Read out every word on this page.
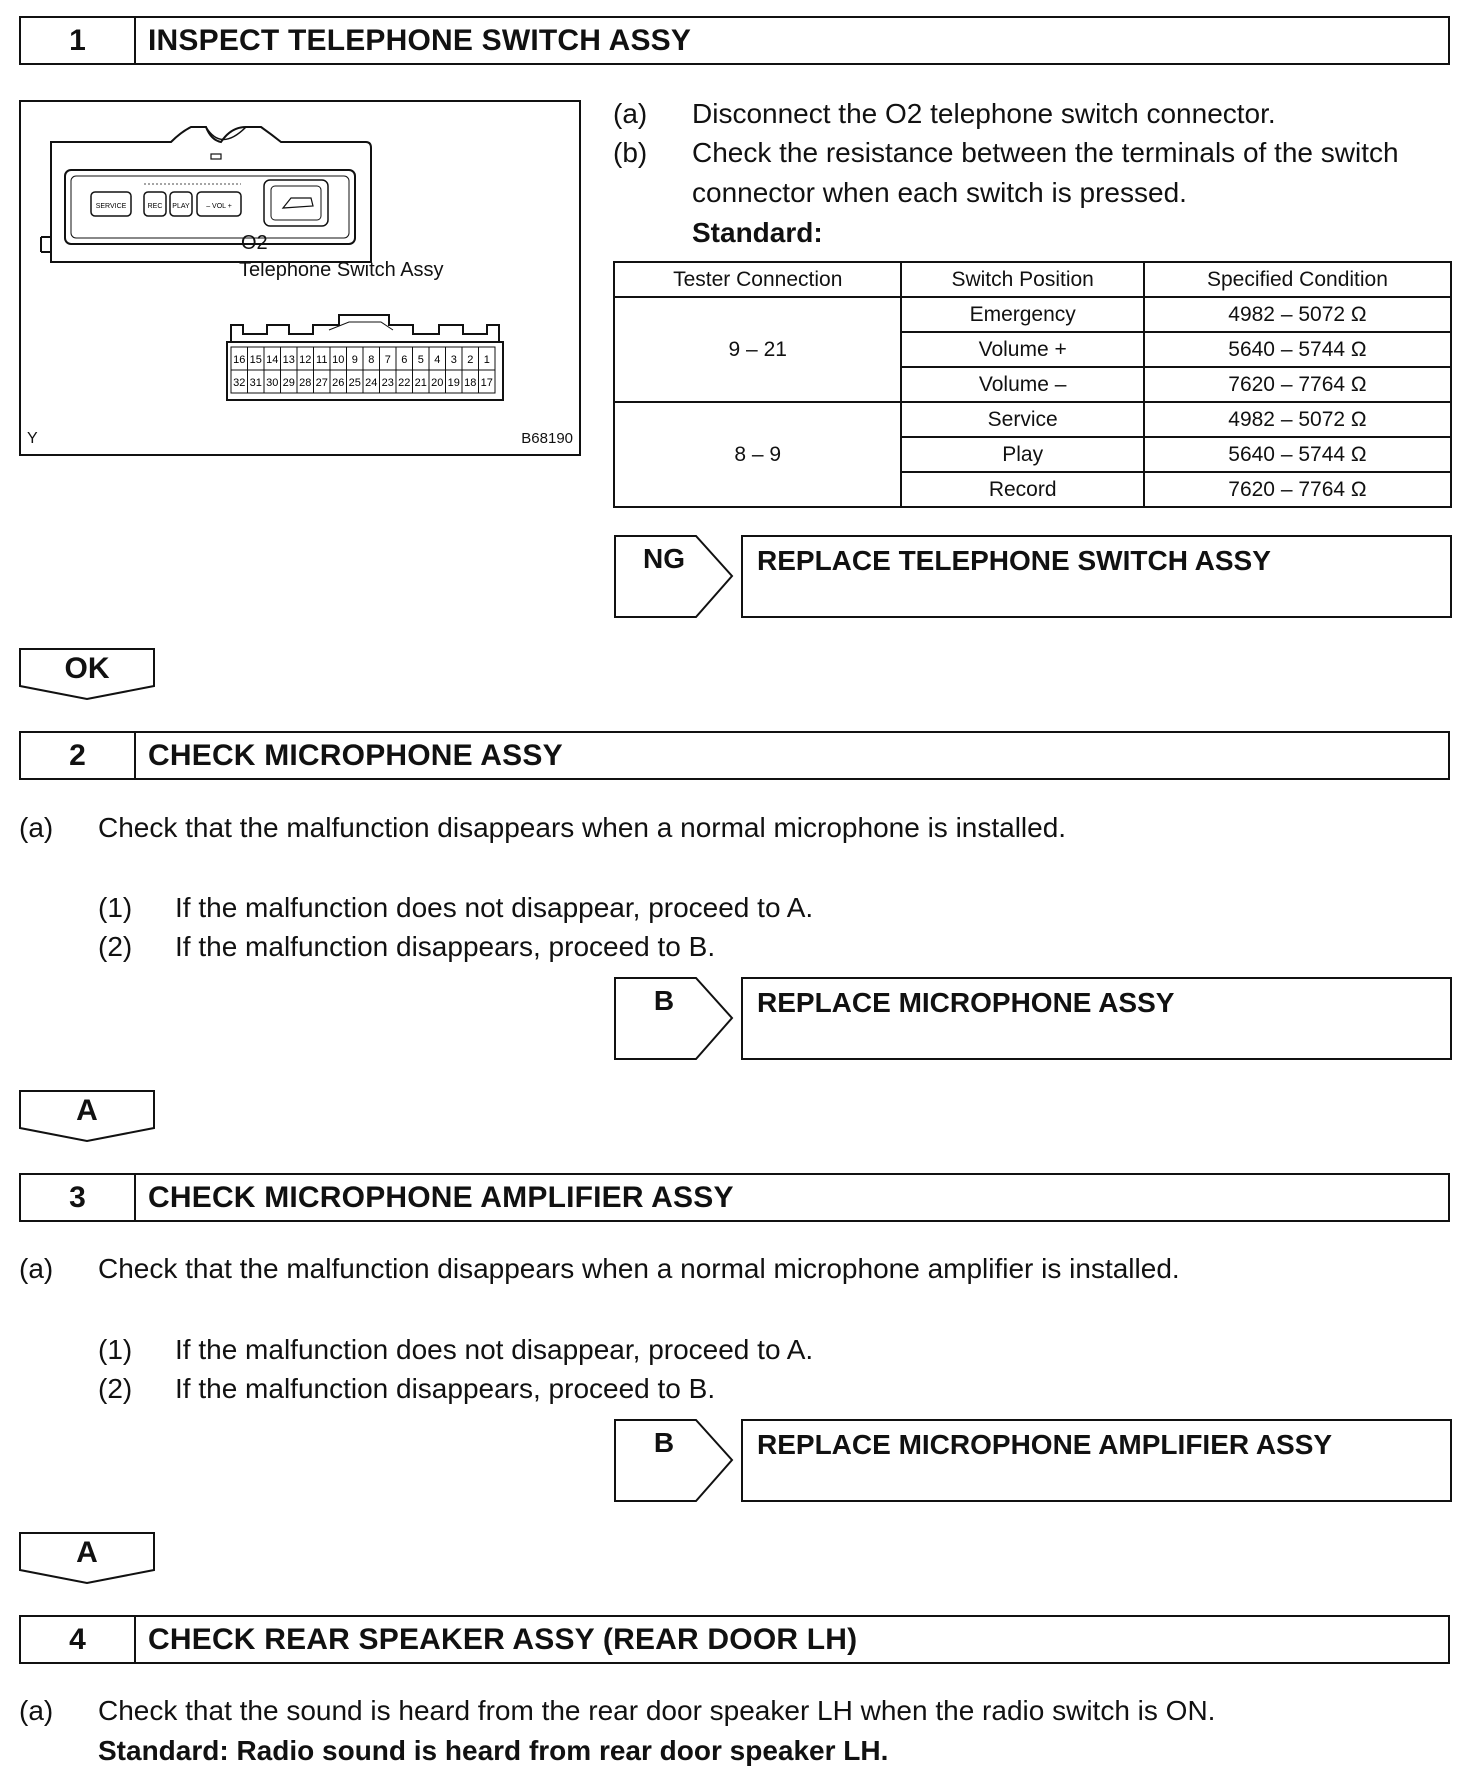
1	INSPECT TELEPHONE SWITCH ASSY
SERVICE	REC PLAY – VOL +
16 15 14 13 12 11 10 9 8 7 6 5 4 3 2 1
32 31 30 29 28 27 26 25 24 23 22 21 20 19 18 17
O2
Telephone Switch Assy
Y	B68190
(a) Disconnect the O2 telephone switch connector.
(b) Check the resistance between the terminals of the switch
connector when each switch is pressed.
Standard:
Tester Connection	Switch Position	Specified Condition
9 – 21	Emergency	4982 – 5072 Ω
	Volume +	5640 – 5744 Ω
	Volume –	7620 – 7764 Ω
8 – 9	Service	4982 – 5072 Ω
	Play	5640 – 5744 Ω
	Record	7620 – 7764 Ω
NG	REPLACE TELEPHONE SWITCH ASSY
OK
2	CHECK MICROPHONE ASSY
(a) Check that the malfunction disappears when a normal microphone is installed.
(1) If the malfunction does not disappear, proceed to A.
(2) If the malfunction disappears, proceed to B.
B	REPLACE MICROPHONE ASSY
A
3	CHECK MICROPHONE AMPLIFIER ASSY
(a) Check that the malfunction disappears when a normal microphone amplifier is installed.
(1) If the malfunction does not disappear, proceed to A.
(2) If the malfunction disappears, proceed to B.
B	REPLACE MICROPHONE AMPLIFIER ASSY
A
4	CHECK REAR SPEAKER ASSY (REAR DOOR LH)
(a) Check that the sound is heard from the rear door speaker LH when the radio switch is ON.
Standard: Radio sound is heard from rear door speaker LH.
